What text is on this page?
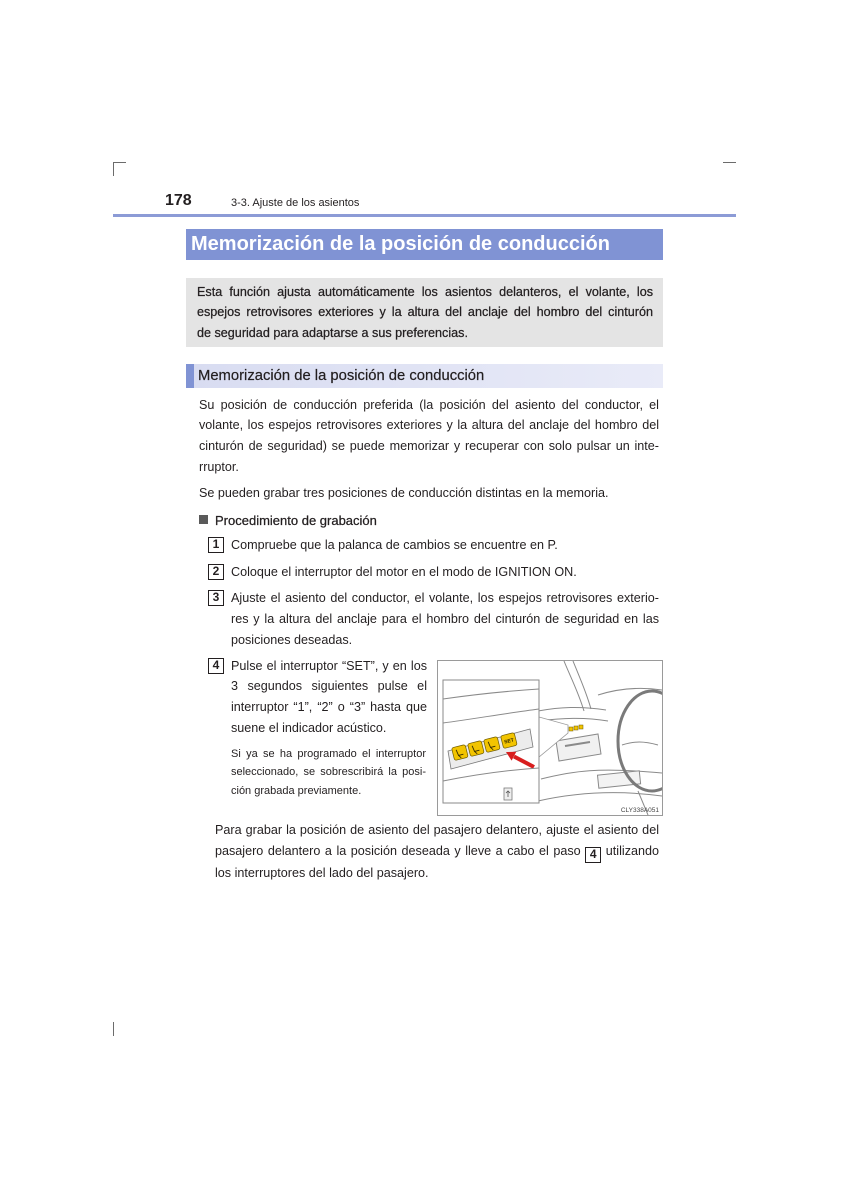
178	3-3. Ajuste de los asientos
Memorización de la posición de conducción
Esta función ajusta automáticamente los asientos delanteros, el volante, los
espejos retrovisores exteriores y la altura del anclaje del hombro del cinturón
de seguridad para adaptarse a sus preferencias.
Memorización de la posición de conducción
Su posición de conducción preferida (la posición del asiento del conductor, el
volante, los espejos retrovisores exteriores y la altura del anclaje del hombro del
cinturón de seguridad) se puede memorizar y recuperar con solo pulsar un inte-
rruptor.
Se pueden grabar tres posiciones de conducción distintas en la memoria.
Procedimiento de grabación
1 Compruebe que la palanca de cambios se encuentre en P.
2 Coloque el interruptor del motor en el modo de IGNITION ON.
3 Ajuste el asiento del conductor, el volante, los espejos retrovisores exterio-
res y la altura del anclaje para el hombro del cinturón de seguridad en las
posiciones deseadas.
4 Pulse el interruptor “SET”, y en los
3 segundos siguientes pulse el
interruptor “1”, “2” o “3” hasta que
suene el indicador acústico.
Si ya se ha programado el interruptor
seleccionado, se sobrescribirá la posi-
ción grabada previamente.
SET
CLY338A051
Para grabar la posición de asiento del pasajero delantero, ajuste el asiento del
pasajero delantero a la posición deseada y lleve a cabo el paso 4 utilizando
los interruptores del lado del pasajero.
